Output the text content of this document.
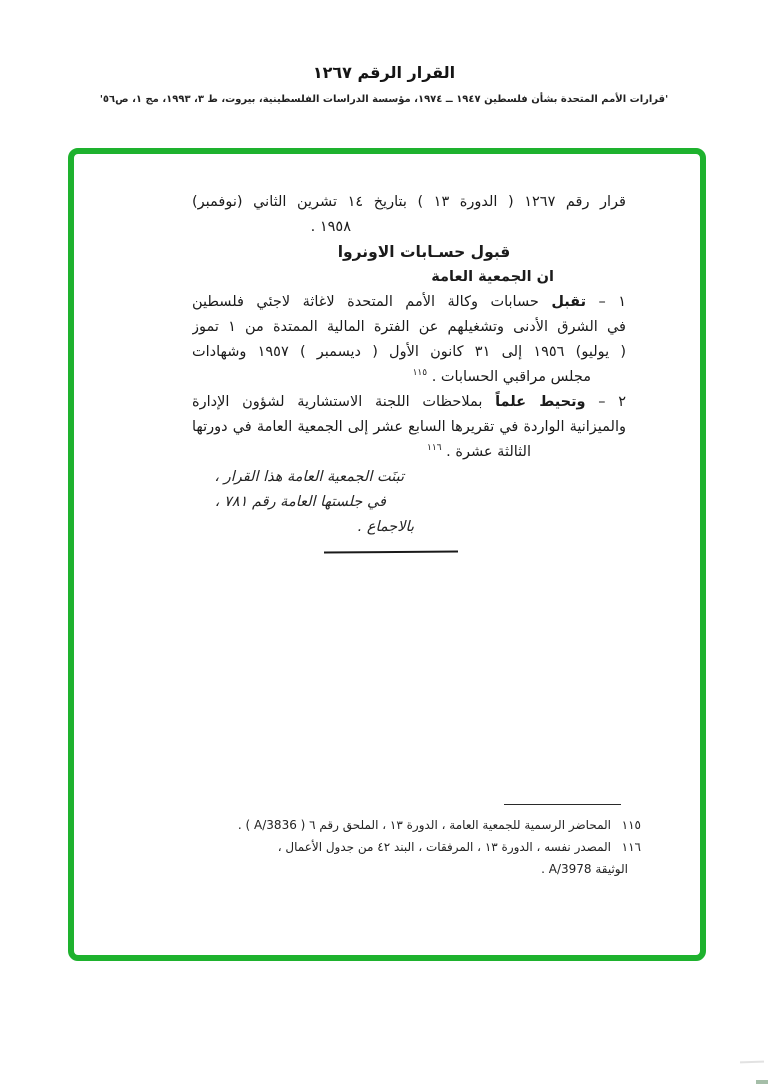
القرار الرقم ١٢٦٧
'قرارات الأمم المتحدة بشأن فلسطين ١٩٤٧ ــ ١٩٧٤، مؤسسة الدراسات الفلسطينية، بيروت، ط ٣، ١٩٩٣، مج ١، ص٥٦'
قرار رقم ١٢٦٧ ( الدورة ١٣ ) بتاريخ ١٤ تشرين الثاني (نوفمبر)
١٩٥٨ .
قبول حسـابات الاونروا
ان الجمعية العامة
١ – تقبل حسابات وكالة الأمم المتحدة لاغاثة لاجئي فلسطين
في الشرق الأدنى وتشغيلهم عن الفترة المالية الممتدة من ١ تموز
( يوليو) ١٩٥٦ إلى ٣١ كانون الأول ( ديسمبر ) ١٩٥٧ وشهادات
مجلس مراقبي الحسابات . $^{١١٥}$
٢ – وتحيط علماً بملاحظات اللجنة الاستشارية لشؤون الإدارة
والميزانية الواردة في تقريرها السابع عشر إلى الجمعية العامة في دورتها
الثالثة عشرة . $^{١١٦}$
تبنَت الجمعية العامة هذا القرار ،
في جلستها العامة رقم ٧٨١ ،
بالاجماع .
١١٥
المحاضر الرسمية للجمعية العامة ، الدورة ١٣ ، الملحق رقم ٦ ( A/3836 ) .
١١٦
المصدر نفسه ، الدورة ١٣ ، المرفقات ، البند ٤٢ من جدول الأعمال ،
الوثيقة A/3978 .
